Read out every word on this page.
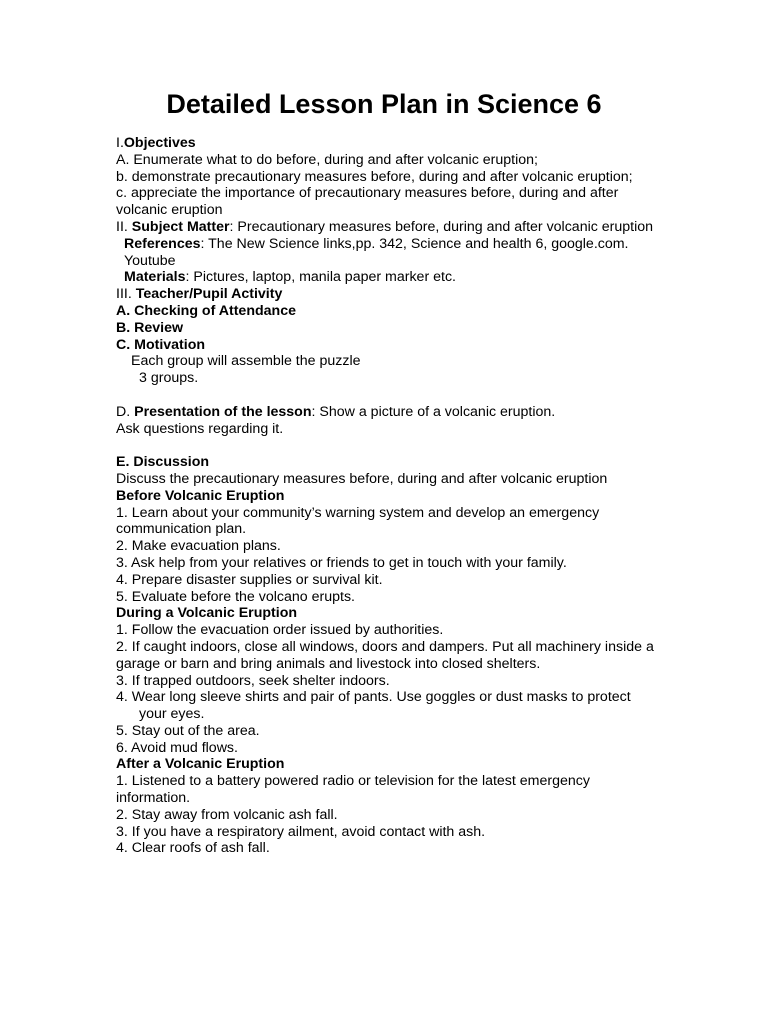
Detailed Lesson Plan in Science 6
I.Objectives
A. Enumerate what to do before, during and after volcanic eruption;
b. demonstrate precautionary measures before, during and after volcanic eruption;
c. appreciate the importance of precautionary measures before, during and after volcanic eruption
II. Subject Matter: Precautionary measures before, during and after volcanic eruption
References: The New Science links,pp. 342, Science and health 6, google.com. Youtube
Materials: Pictures, laptop, manila paper marker etc.
III. Teacher/Pupil Activity
A. Checking of Attendance
B. Review
C. Motivation
Each group will assemble the puzzle
3 groups.
D. Presentation of the lesson: Show a picture of a volcanic eruption.
Ask questions regarding it.
E. Discussion
Discuss the precautionary measures before, during and after volcanic eruption
Before Volcanic Eruption
1. Learn about your community’s warning system and develop an emergency communication plan.
2. Make evacuation plans.
3. Ask help from your relatives or friends to get in touch with your family.
4. Prepare disaster supplies or survival kit.
5. Evaluate before the volcano erupts.
During a Volcanic Eruption
1. Follow the evacuation order issued by authorities.
2. If caught indoors, close all windows, doors and dampers. Put all machinery inside a garage or barn and bring animals and livestock into closed shelters.
3. If trapped outdoors, seek shelter indoors.
4. Wear long sleeve shirts and pair of pants. Use goggles or dust masks to protect
your eyes.
5. Stay out of the area.
6. Avoid mud flows.
After a Volcanic Eruption
1. Listened to a battery powered radio or television for the latest emergency information.
2. Stay away from volcanic ash fall.
3. If you have a respiratory ailment, avoid contact with ash.
4. Clear roofs of ash fall.
